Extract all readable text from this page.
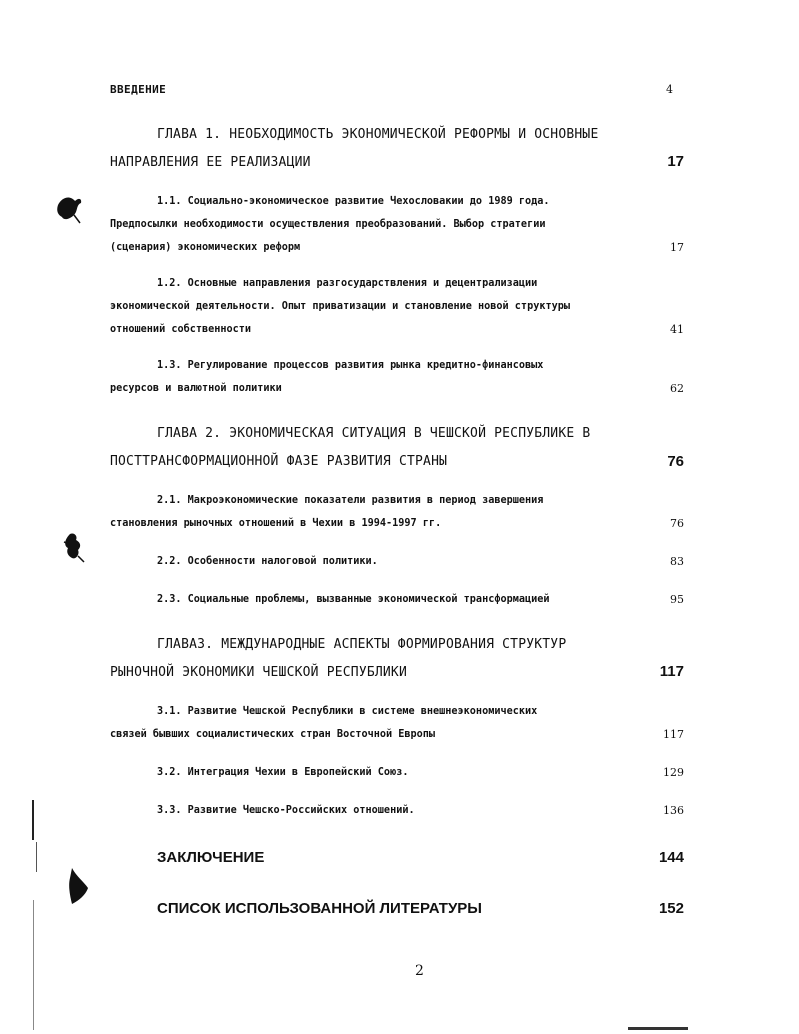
ВВЕДЕНИЕ	4
ГЛАВА 1. НЕОБХОДИМОСТЬ ЭКОНОМИЧЕСКОЙ РЕФОРМЫ И ОСНОВНЫЕ
НАПРАВЛЕНИЯ ЕЕ РЕАЛИЗАЦИИ	17
1.1. Социально-экономическое развитие Чехословакии до 1989 года.
Предпосылки необходимости осуществления преобразований. Выбор стратегии
(сценария) экономических реформ	17
1.2. Основные направления разгосударствления и децентрализации
экономической деятельности. Опыт приватизации и становление новой структуры
отношений собственности	41
1.3. Регулирование процессов развития рынка кредитно-финансовых
ресурсов и валютной политики	62
ГЛАВА 2. ЭКОНОМИЧЕСКАЯ СИТУАЦИЯ В ЧЕШСКОЙ РЕСПУБЛИКЕ В
ПОСТТРАНСФОРМАЦИОННОЙ ФАЗЕ РАЗВИТИЯ СТРАНЫ	76
2.1. Макроэкономические показатели развития в период завершения
становления рыночных отношений в Чехии в 1994-1997 гг.	76
2.2. Особенности налоговой политики.	83
2.3. Социальные проблемы, вызванные экономической трансформацией	95
ГЛАВАЗ. МЕЖДУНАРОДНЫЕ АСПЕКТЫ ФОРМИРОВАНИЯ СТРУКТУР
РЫНОЧНОЙ ЭКОНОМИКИ ЧЕШСКОЙ РЕСПУБЛИКИ	117
3.1. Развитие Чешской Республики в системе внешнеэкономических
связей бывших социалистических стран Восточной Европы	117
3.2. Интеграция Чехии в Европейский Союз.	129
3.3. Развитие Чешско-Российских отношений.	136
ЗАКЛЮЧЕНИЕ	144
СПИСОК ИСПОЛЬЗОВАННОЙ ЛИТЕРАТУРЫ	152
2
